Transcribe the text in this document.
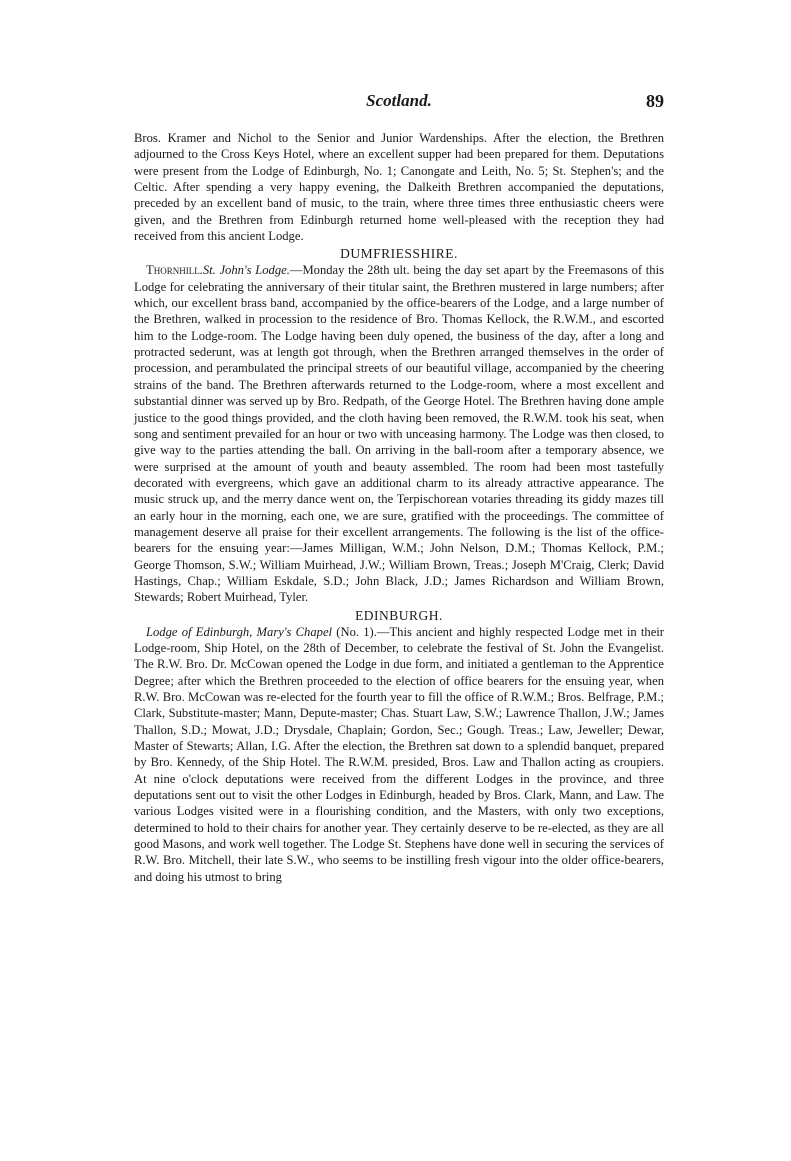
Scotland.	89

Bros. Kramer and Nichol to the Senior and Junior Wardenships. After the election, the Brethren adjourned to the Cross Keys Hotel, where an excellent supper had been prepared for them. Deputations were present from the Lodge of Edinburgh, No. 1; Canongate and Leith, No. 5; St. Stephen's; and the Celtic. After spending a very happy evening, the Dalkeith Brethren accompanied the deputations, preceded by an excellent band of music, to the train, where three times three enthusiastic cheers were given, and the Brethren from Edinburgh returned home well-pleased with the reception they had received from this ancient Lodge.

DUMFRIESSHIRE.

Thornhill.St. John's Lodge.—Monday the 28th ult. being the day set apart by the Freemasons of this Lodge for celebrating the anniversary of their titular saint, the Brethren mustered in large numbers; after which, our excellent brass band, accompanied by the office-bearers of the Lodge, and a large number of the Brethren, walked in procession to the residence of Bro. Thomas Kellock, the R.W.M., and escorted him to the Lodge-room. The Lodge having been duly opened, the business of the day, after a long and protracted sederunt, was at length got through, when the Brethren arranged themselves in the order of procession, and perambulated the principal streets of our beautiful village, accompanied by the cheering strains of the band. The Brethren afterwards returned to the Lodge-room, where a most excellent and substantial dinner was served up by Bro. Redpath, of the George Hotel. The Brethren having done ample justice to the good things provided, and the cloth having been removed, the R.W.M. took his seat, when song and sentiment prevailed for an hour or two with unceasing harmony. The Lodge was then closed, to give way to the parties attending the ball. On arriving in the ball-room after a temporary absence, we were surprised at the amount of youth and beauty assembled. The room had been most tastefully decorated with evergreens, which gave an additional charm to its already attractive appearance. The music struck up, and the merry dance went on, the Terpischorean votaries threading its giddy mazes till an early hour in the morning, each one, we are sure, gratified with the proceedings. The committee of management deserve all praise for their excellent arrangements. The following is the list of the office-bearers for the ensuing year:—James Milligan, W.M.; John Nelson, D.M.; Thomas Kellock, P.M.; George Thomson, S.W.; William Muirhead, J.W.; William Brown, Treas.; Joseph M'Craig, Clerk; David Hastings, Chap.; William Eskdale, S.D.; John Black, J.D.; James Richardson and William Brown, Stewards; Robert Muirhead, Tyler.

EDINBURGH.

Lodge of Edinburgh, Mary's Chapel (No. 1).—This ancient and highly respected Lodge met in their Lodge-room, Ship Hotel, on the 28th of December, to celebrate the festival of St. John the Evangelist. The R.W. Bro. Dr. McCowan opened the Lodge in due form, and initiated a gentleman to the Apprentice Degree; after which the Brethren proceeded to the election of office bearers for the ensuing year, when R.W. Bro. McCowan was re-elected for the fourth year to fill the office of R.W.M.; Bros. Belfrage, P.M.; Clark, Substitute-master; Mann, Depute-master; Chas. Stuart Law, S.W.; Lawrence Thallon, J.W.; James Thallon, S.D.; Mowat, J.D.; Drysdale, Chaplain; Gordon, Sec.; Gough. Treas.; Law, Jeweller; Dewar, Master of Stewarts; Allan, I.G. After the election, the Brethren sat down to a splendid banquet, prepared by Bro. Kennedy, of the Ship Hotel. The R.W.M. presided, Bros. Law and Thallon acting as croupiers. At nine o'clock deputations were received from the different Lodges in the province, and three deputations sent out to visit the other Lodges in Edinburgh, headed by Bros. Clark, Mann, and Law. The various Lodges visited were in a flourishing condition, and the Masters, with only two exceptions, determined to hold to their chairs for another year. They certainly deserve to be re-elected, as they are all good Masons, and work well together. The Lodge St. Stephens have done well in securing the services of R.W. Bro. Mitchell, their late S.W., who seems to be instilling fresh vigour into the older office-bearers, and doing his utmost to bring
